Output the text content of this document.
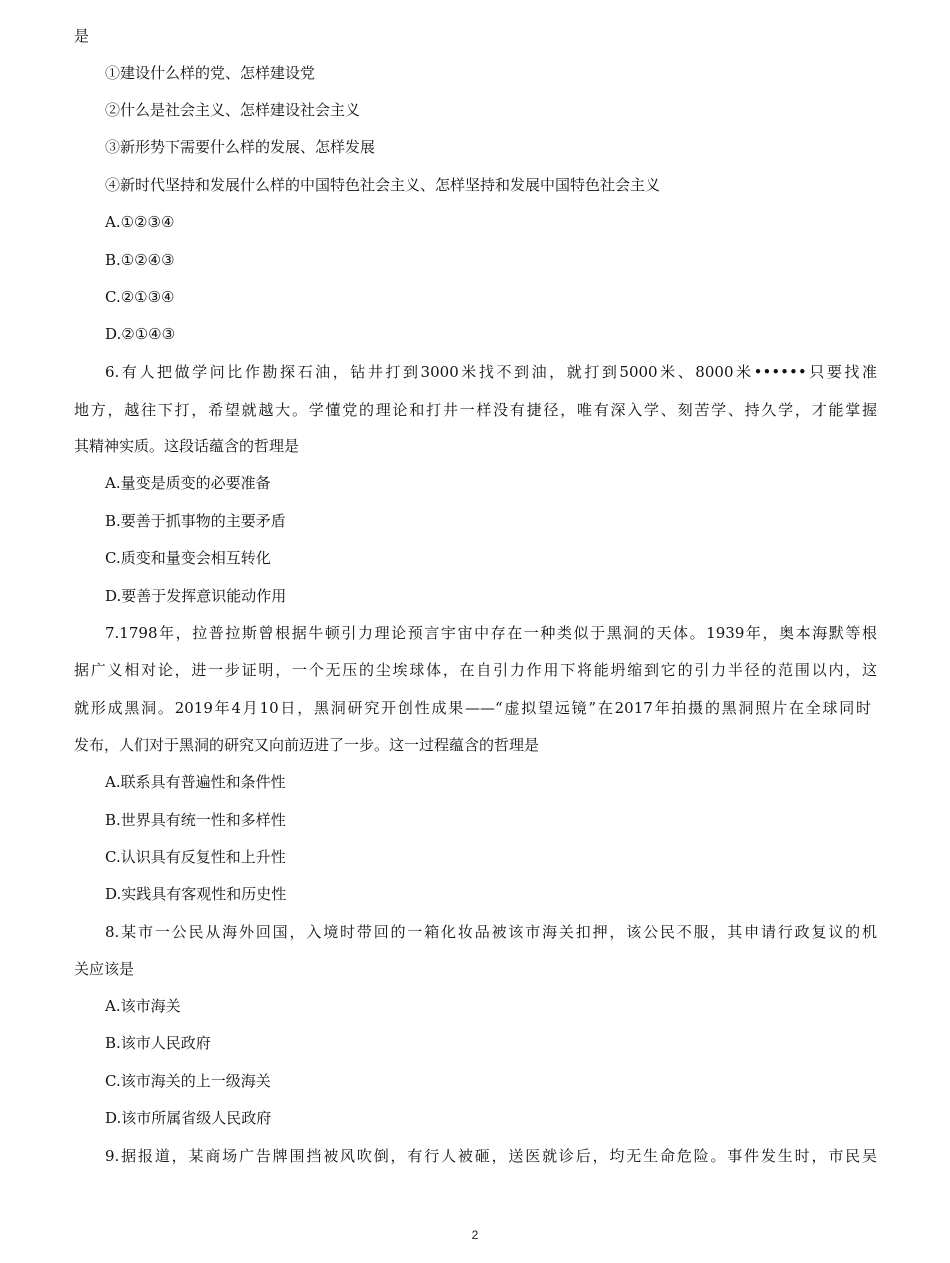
是
①建设什么样的党、怎样建设党
②什么是社会主义、怎样建设社会主义
③新形势下需要什么样的发展、怎样发展
④新时代坚持和发展什么样的中国特色社会主义、怎样坚持和发展中国特色社会主义
A.①②③④
B.①②④③
C.②①③④
D.②①④③
6.有人把做学问比作勘探石油，钻井打到3000米找不到油，就打到5000米、8000米••••••只要找准
地方，越往下打，希望就越大。学懂党的理论和打井一样没有捷径，唯有深入学、刻苦学、持久学，才能掌握
其精神实质。这段话蕴含的哲理是
A.量变是质变的必要准备
B.要善于抓事物的主要矛盾
C.质变和量变会相互转化
D.要善于发挥意识能动作用
7.1798年，拉普拉斯曾根据牛顿引力理论预言宇宙中存在一种类似于黑洞的天体。1939年，奥本海默等根
据广义相对论，进一步证明，一个无压的尘埃球体，在自引力作用下将能坍缩到它的引力半径的范围以内，这
就形成黑洞。2019年4月10日，黑洞研究开创性成果——“虚拟望远镜”在2017年拍摄的黑洞照片在全球同时
发布，人们对于黑洞的研究又向前迈进了一步。这一过程蕴含的哲理是
A.联系具有普遍性和条件性
B.世界具有统一性和多样性
C.认识具有反复性和上升性
D.实践具有客观性和历史性
8.某市一公民从海外回国，入境时带回的一箱化妆品被该市海关扣押，该公民不服，其申请行政复议的机
关应该是
A.该市海关
B.该市人民政府
C.该市海关的上一级海关
D.该市所属省级人民政府
9.据报道，某商场广告牌围挡被风吹倒，有行人被砸，送医就诊后，均无生命危险。事件发生时，市民吴
2
